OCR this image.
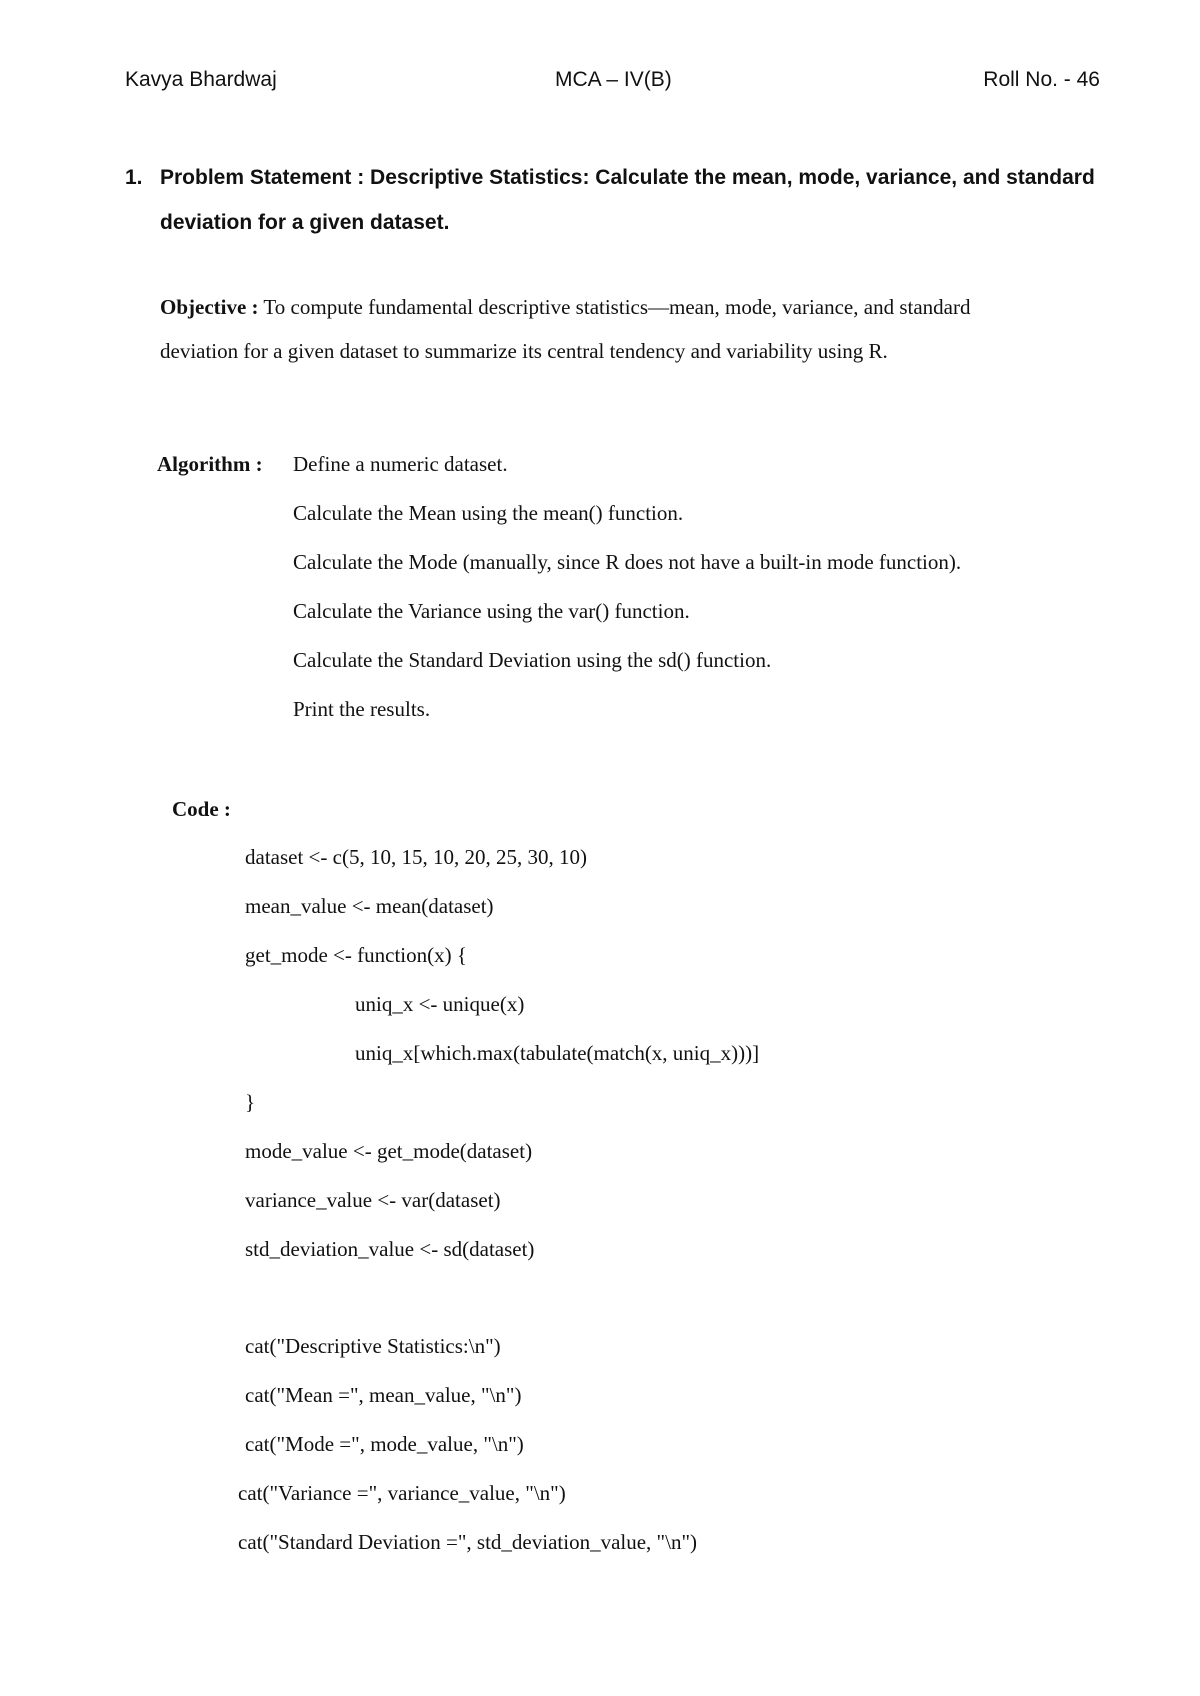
Kavya Bhardwaj	MCA – IV(B)	Roll No. - 46
1. Problem Statement : Descriptive Statistics: Calculate the mean, mode, variance, and standard
deviation for a given dataset.
Objective : To compute fundamental descriptive statistics—mean, mode, variance, and standard
deviation for a given dataset to summarize its central tendency and variability using R.
Algorithm : Define a numeric dataset.
Calculate the Mean using the mean() function.
Calculate the Mode (manually, since R does not have a built-in mode function).
Calculate the Variance using the var() function.
Calculate the Standard Deviation using the sd() function.
Print the results.
Code :
dataset <- c(5, 10, 15, 10, 20, 25, 30, 10)
mean_value <- mean(dataset)
get_mode <- function(x) {
uniq_x <- unique(x)
uniq_x[which.max(tabulate(match(x, uniq_x)))]
}
mode_value <- get_mode(dataset)
variance_value <- var(dataset)
std_deviation_value <- sd(dataset)
cat("Descriptive Statistics:\n")
cat("Mean =", mean_value, "\n")
cat("Mode =", mode_value, "\n")
cat("Variance =", variance_value, "\n")
cat("Standard Deviation =", std_deviation_value, "\n")
